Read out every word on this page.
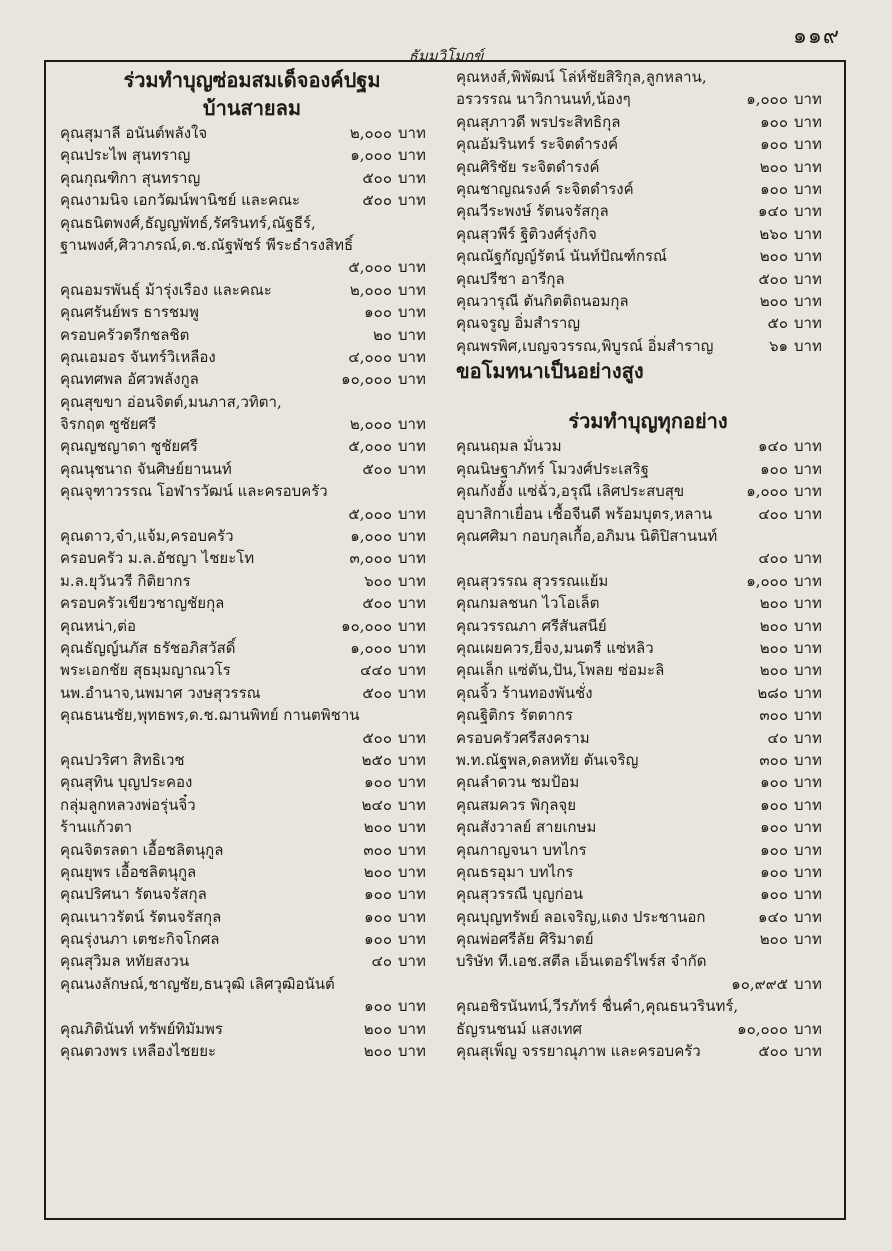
๑๑๙
ธัมมวิโมกข์
ร่วมทำบุญซ่อมสมเด็จองค์ปฐม
บ้านสายลม
คุณสุมาลี อนันต์พลังใจ	๒,๐๐๐ บาท
คุณประไพ สุนทราญ	๑,๐๐๐ บาท
คุณกุณฑิกา สุนทราญ	๕๐๐ บาท
คุณงามนิจ เอกวัฒน์พานิชย์ และคณะ	๕๐๐ บาท
คุณธนิตพงศ์,ธัญญพัทธ์,รัศรินทร์,ณัฐธีร์,
ฐานพงศ์,ศิวาภรณ์,ด.ช.ณัฐพัชร์ พีระธำรงสิทธิ์
๕,๐๐๐ บาท
คุณอมรพันธุ์ ม้ารุ่งเรือง และคณะ	๒,๐๐๐ บาท
คุณศรันย์พร ธารชมพู	๑๐๐ บาท
ครอบครัวตรีกชลชิต	๒๐ บาท
คุณเอมอร จันทร์วิเหลือง	๔,๐๐๐ บาท
คุณทศพล อัศวพลังกูล	๑๐,๐๐๐ บาท
คุณสุขขา อ่อนจิตต์,มนภาส,วทิตา,
จิรกฤต ซูชัยศรี	๒,๐๐๐ บาท
คุณญชญาดา ซูชัยศรี	๕,๐๐๐ บาท
คุณนุชนาถ จันศิษย์ยานนท์	๕๐๐ บาท
คุณจุฑาวรรณ โอฬารวัฒน์ และครอบครัว
๕,๐๐๐ บาท
คุณดาว,จ๋า,แจ้ม,ครอบครัว	๑,๐๐๐ บาท
ครอบครัว ม.ล.อัชญา ไชยะโท	๓,๐๐๐ บาท
ม.ล.ยุวันวรี กิติยากร	๖๐๐ บาท
ครอบครัวเขียวชาญชัยกุล	๕๐๐ บาท
คุณหน่า,ต่อ	๑๐,๐๐๐ บาท
คุณธัญญ์นภัส ธรัชอภิสวัสดิ์	๑,๐๐๐ บาท
พระเอกชัย สุธมฺมญาณวโร	๔๔๐ บาท
นพ.อำนาจ,นพมาศ วงษสุวรรณ	๕๐๐ บาท
คุณธนนชัย,พุทธพร,ด.ช.ฌานพิทย์ กานตพิชาน
๕๐๐ บาท
คุณปวริศา สิทธิเวช	๒๕๐ บาท
คุณสุทิน บุญประคอง	๑๐๐ บาท
กลุ่มลูกหลวงพ่อรุ่นจิ๋ว	๒๔๐ บาท
ร้านแก้วตา	๒๐๐ บาท
คุณจิตรลดา เอื้อชลิตนุกูล	๓๐๐ บาท
คุณยุพร เอื้อชลิตนุกูล	๒๐๐ บาท
คุณปริศนา รัตนจรัสกุล	๑๐๐ บาท
คุณเนาวรัตน์ รัตนจรัสกุล	๑๐๐ บาท
คุณรุ่งนภา เตชะกิจโกศล	๑๐๐ บาท
คุณสุวิมล หทัยสงวน	๔๐ บาท
คุณนงลักษณ์,ชาญชัย,ธนวุฒิ เลิศวุฒิอนันต์
๑๐๐ บาท
คุณภิตินันท์ ทรัพย์ทิมัมพร	๒๐๐ บาท
คุณตวงพร เหลืองไชยยะ	๒๐๐ บาท
คุณหงส์,พิพัฒน์ โล่ห์ชัยสิริกุล,ลูกหลาน,
อรวรรณ นาวิกานนท์,น้องๆ	๑,๐๐๐ บาท
คุณสุภาวดี พรประสิทธิกุล	๑๐๐ บาท
คุณอัมรินทร์ ระจิตดำรงค์	๑๐๐ บาท
คุณศิริชัย ระจิตดำรงค์	๒๐๐ บาท
คุณชาญณรงค์ ระจิตดำรงค์	๑๐๐ บาท
คุณวีระพงษ์ รัตนจรัสกุล	๑๔๐ บาท
คุณสุวพีร์ ฐิติวงศ์รุ่งกิจ	๒๖๐ บาท
คุณณัฐกัญญ์รัตน์ นันท์ปัณฑ์กรณ์	๒๐๐ บาท
คุณปรีชา อารีกุล	๕๐๐ บาท
คุณวารุณี ตันกิตติถนอมกุล	๒๐๐ บาท
คุณจรูญ อิ่มสำราญ	๕๐ บาท
คุณพรพิศ,เบญจวรรณ,พิบูรณ์ อิ่มสำราญ	๖๑ บาท
ขอโมทนาเป็นอย่างสูง
ร่วมทำบุญทุกอย่าง
คุณนฤมล มั่นวม	๑๔๐ บาท
คุณนิษฐาภัทร์ โมวงศ์ประเสริฐ	๑๐๐ บาท
คุณกังฮั้ง แซ่ฉั่ว,อรุณี เลิศประสบสุข	๑,๐๐๐ บาท
อุบาสิกาเยื่อน เชื้อจีนดี พร้อมบุตร,หลาน	๔๐๐ บาท
คุณศศิมา กอบกุลเกื้อ,อภิมน นิติปิสานนท์
๔๐๐ บาท
คุณสุวรรณ สุวรรณแย้ม	๑,๐๐๐ บาท
คุณกมลชนก ไวโอเล็ต	๒๐๐ บาท
คุณวรรณภา ศรีสันสนีย์	๒๐๐ บาท
คุณเผยควร,ยี่จง,มนตรี แซ่หลิว	๒๐๐ บาท
คุณเล็ก แซ่ตัน,ปัน,โพลย ซ่อมะลิ	๒๐๐ บาท
คุณจิ้ว ร้านทองพันชั่ง	๒๘๐ บาท
คุณฐิติกร รัตตากร	๓๐๐ บาท
ครอบครัวศรีสงคราม	๔๐ บาท
พ.ท.ณัฐพล,ดลหทัย ตันเจริญ	๓๐๐ บาท
คุณลำดวน ชมป้อม	๑๐๐ บาท
คุณสมควร พิกุลจุย	๑๐๐ บาท
คุณสังวาลย์ สายเกษม	๑๐๐ บาท
คุณกาญจนา บทไกร	๑๐๐ บาท
คุณธรอุมา บทไกร	๑๐๐ บาท
คุณสุวรรณี บุญก่อน	๑๐๐ บาท
คุณบุญทรัพย์ ลอเจริญ,แดง ประชานอก	๑๔๐ บาท
คุณพ่อศรีลัย ศิริมาตย์	๒๐๐ บาท
บริษัท ที.เอช.สตีล เอ็นเตอร์ไพร์ส จำกัด
๑๐,๙๙๕ บาท
คุณอชิรนันทน์,วีรภัทร์ ชื่นคำ,คุณธนวรินทร์,
ธัญรนชนม์ แสงเทศ	๑๐,๐๐๐ บาท
คุณสุเพ็ญ จรรยาณุภาพ และครอบครัว	๕๐๐ บาท
